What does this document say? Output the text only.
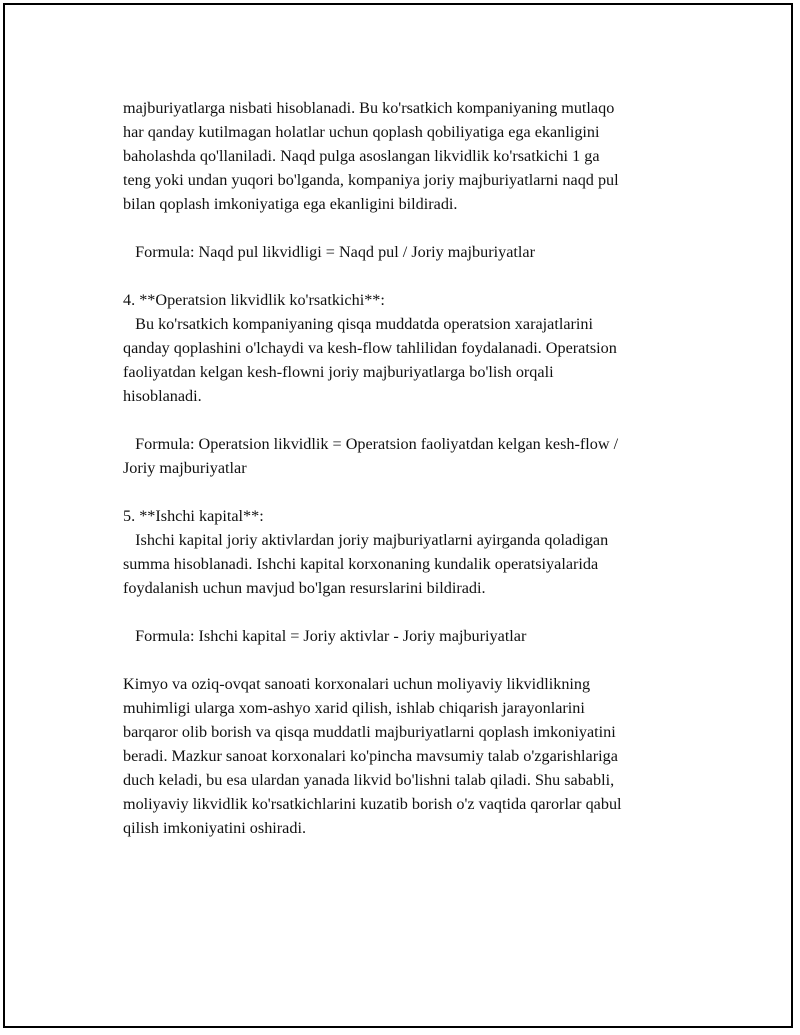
majburiyatlarga nisbati hisoblanadi. Bu ko'rsatkich kompaniyaning mutlaqo
har qanday kutilmagan holatlar uchun qoplash qobiliyatiga ega ekanligini
baholashda qo'llaniladi. Naqd pulga asoslangan likvidlik ko'rsatkichi 1 ga
teng yoki undan yuqori bo'lganda, kompaniya joriy majburiyatlarni naqd pul
bilan qoplash imkoniyatiga ega ekanligini bildiradi.
Formula: Naqd pul likvidligi = Naqd pul / Joriy majburiyatlar
4. **Operatsion likvidlik ko'rsatkichi**:
Bu ko'rsatkich kompaniyaning qisqa muddatda operatsion xarajatlarini
qanday qoplashini o'lchaydi va kesh-flow tahlilidan foydalanadi. Operatsion
faoliyatdan kelgan kesh-flowni joriy majburiyatlarga bo'lish orqali
hisoblanadi.
Formula: Operatsion likvidlik = Operatsion faoliyatdan kelgan kesh-flow /
Joriy majburiyatlar
5. **Ishchi kapital**:
Ishchi kapital joriy aktivlardan joriy majburiyatlarni ayirganda qoladigan
summa hisoblanadi. Ishchi kapital korxonaning kundalik operatsiyalarida
foydalanish uchun mavjud bo'lgan resurslarini bildiradi.
Formula: Ishchi kapital = Joriy aktivlar - Joriy majburiyatlar
Kimyo va oziq-ovqat sanoati korxonalari uchun moliyaviy likvidlikning
muhimligi ularga xom-ashyo xarid qilish, ishlab chiqarish jarayonlarini
barqaror olib borish va qisqa muddatli majburiyatlarni qoplash imkoniyatini
beradi. Mazkur sanoat korxonalari ko'pincha mavsumiy talab o'zgarishlariga
duch keladi, bu esa ulardan yanada likvid bo'lishni talab qiladi. Shu sababli,
moliyaviy likvidlik ko'rsatkichlarini kuzatib borish o'z vaqtida qarorlar qabul
qilish imkoniyatini oshiradi.
